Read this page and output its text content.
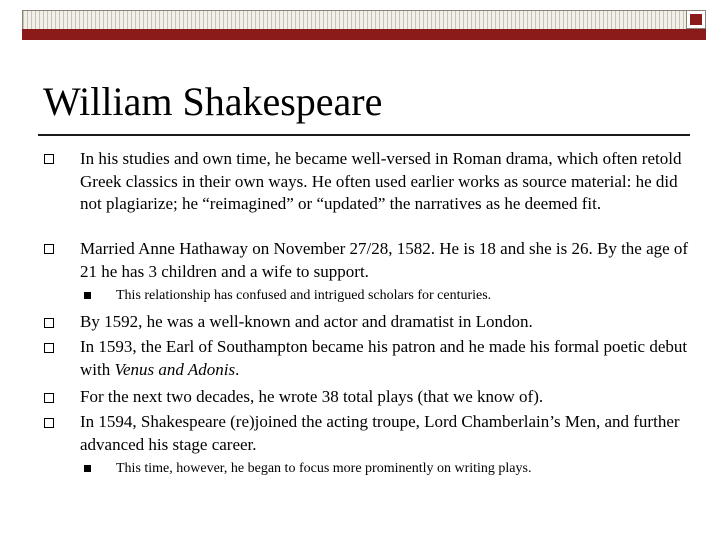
William Shakespeare
In his studies and own time, he became well-versed in Roman drama, which often retold Greek classics in their own ways. He often used earlier works as source material: he did not plagiarize; he “reimagined” or “updated” the narratives as he deemed fit.
Married Anne Hathaway on November 27/28, 1582. He is 18 and she is 26. By the age of 21 he has 3 children and a wife to support.
This relationship has confused and intrigued scholars for centuries.
By 1592, he was a well-known and actor and dramatist in London.
In 1593, the Earl of Southampton became his patron and he made his formal poetic debut with Venus and Adonis.
For the next two decades, he wrote 38 total plays (that we know of).
In 1594, Shakespeare (re)joined the acting troupe, Lord Chamberlain’s Men, and further advanced his stage career.
This time, however, he began to focus more prominently on writing plays.
